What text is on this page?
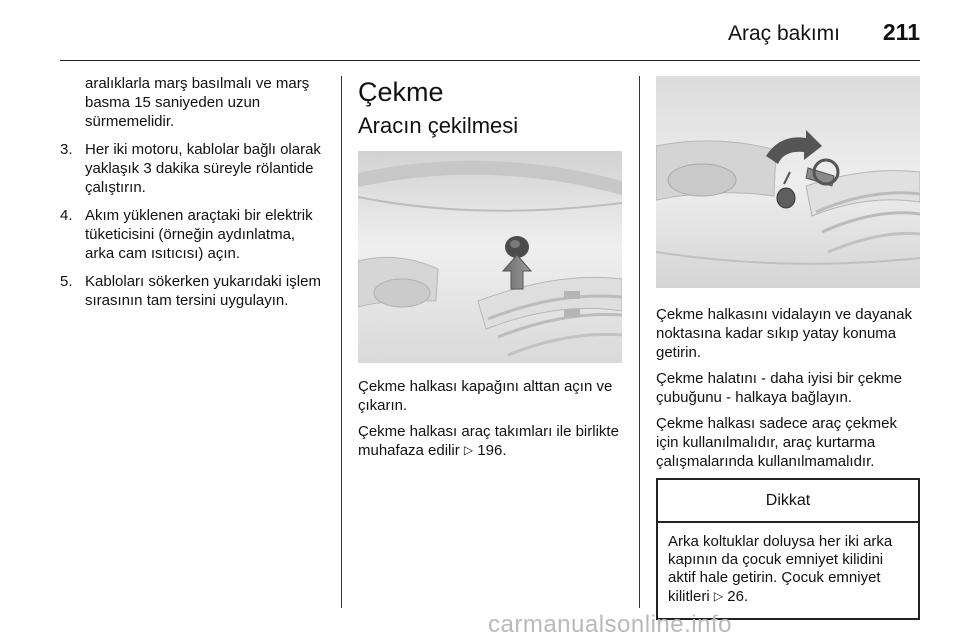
Araç bakımı 211
aralıklarla marş basılmalı ve marş basma 15 saniyeden uzun sürmemelidir.
3. Her iki motoru, kablolar bağlı olarak yaklaşık 3 dakika süreyle rölantide çalıştırın.
4. Akım yüklenen araçtaki bir elektrik tüketicisini (örneğin aydınlatma, arka cam ısıtıcısı) açın.
5. Kabloları sökerken yukarıdaki işlem sırasının tam tersini uygulayın.
Çekme
Aracın çekilmesi

Çekme halkası kapağını alttan açın ve çıkarın.

Çekme halkası araç takımları ile birlikte muhafaza edilir ▷ 196.

Çekme halkasını vidalayın ve dayanak noktasına kadar sıkıp yatay konuma getirin.

Çekme halatını - daha iyisi bir çekme çubuğunu - halkaya bağlayın.

Çekme halkası sadece araç çekmek için kullanılmalıdır, araç kurtarma çalışmalarında kullanılmamalıdır.

Dikkat
Arka koltuklar doluysa her iki arka kapının da çocuk emniyet kilidini aktif hale getirin. Çocuk emniyet kilitleri ▷ 26.
carmanualsonline.info
